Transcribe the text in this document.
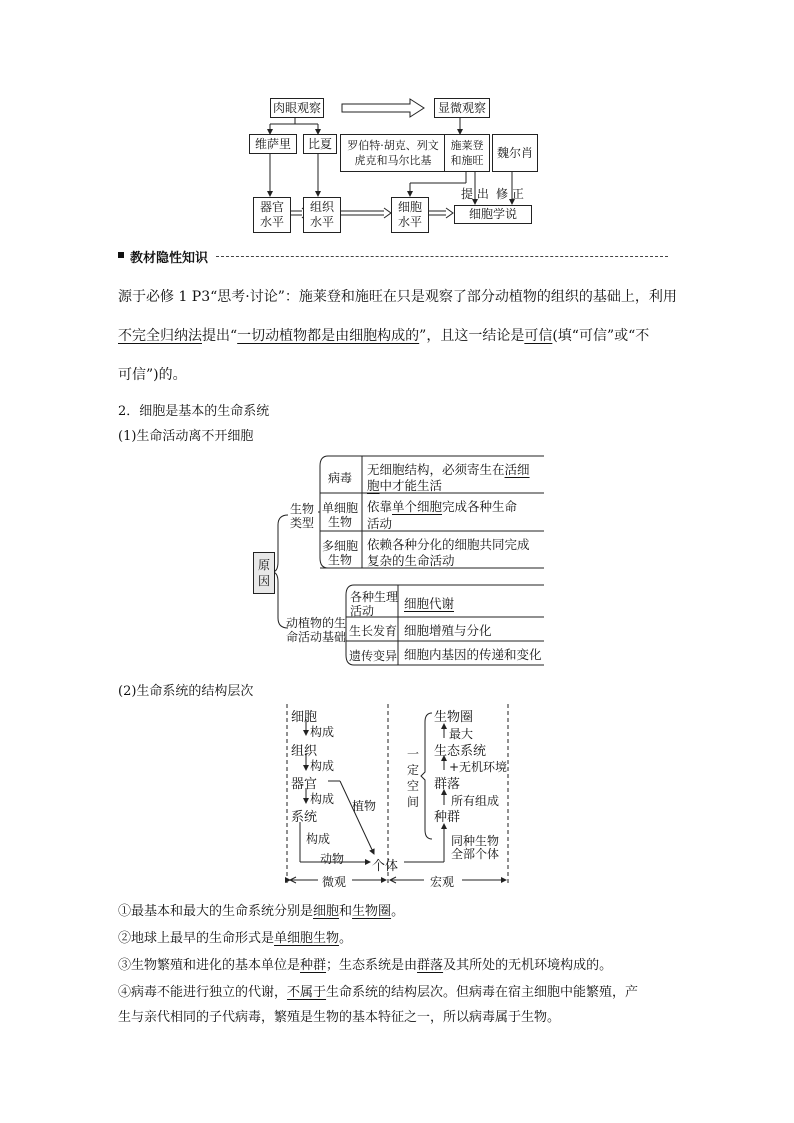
肉眼观察	显微观察
维萨里 比夏 罗伯特·胡克、列文
虎克和马尔比基
施莱登
和施旺
魏尔肖
器官
水平
组织
水平
细胞
水平
细胞学说
提 出 修 正
教材隐性知识
源于必修 1 P3“思考·讨论”：施莱登和施旺在只是观察了部分动植物的组织的基础上，利用
不完全归纳法提出“一切动植物都是由细胞构成的”，且这一结论是可信(填“可信”或“不
可信”)的。
2．细胞是基本的生命系统
(1)生命活动离不开细胞
原
因
生物
类型
病毒
无细胞结构，必须寄生在活细
胞中才能生活
单细胞
生物
依靠单个细胞完成各种生命
活动
多细胞
生物
依赖各种分化的细胞共同完成
复杂的生命活动
动植物的生
命活动基础
各种生理
活动 细胞代谢
生长发育 细胞增殖与分化
遗传变异 细胞内基因的传递和变化
(2)生命系统的结构层次
细胞
构成
组织
构成
器官
构成
系统
构成
动物
植物
个体
生物圈
最大
生态系统
+无机环境
群落
所有组成
种群
同种生物
全部个体
一
定
空
间
微观	宏观
①最基本和最大的生命系统分别是细胞和生物圈。
②地球上最早的生命形式是单细胞生物。
③生物繁殖和进化的基本单位是种群；生态系统是由群落及其所处的无机环境构成的。
④病毒不能进行独立的代谢，不属于生命系统的结构层次。但病毒在宿主细胞中能繁殖，产
生与亲代相同的子代病毒，繁殖是生物的基本特征之一，所以病毒属于生物。
